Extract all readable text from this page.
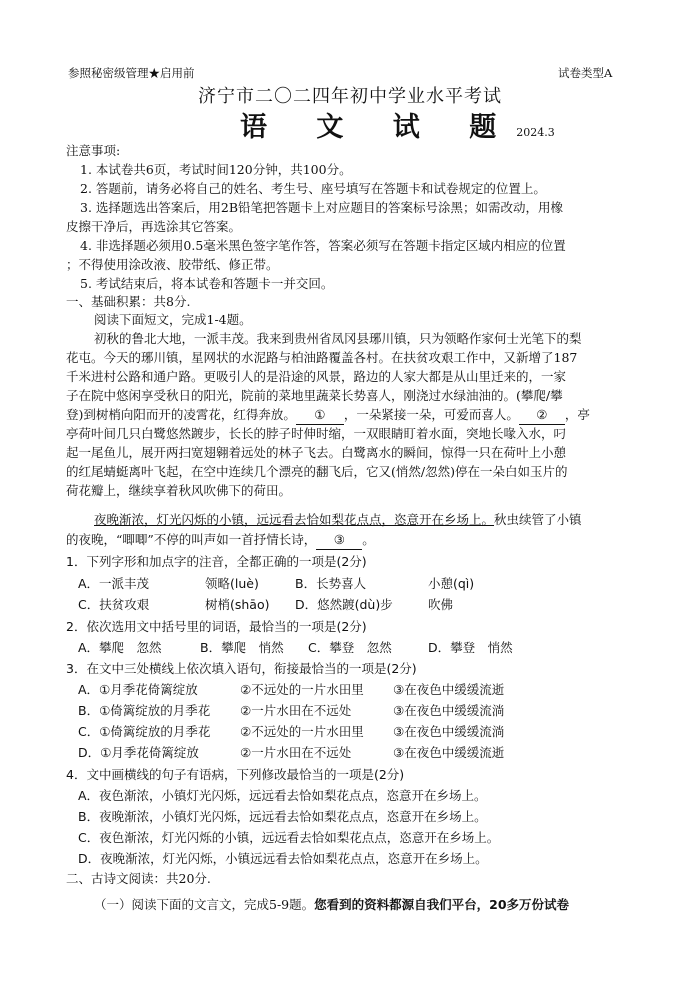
参照秘密级管理★启用前	试卷类型A
济宁市二〇二四年初中学业水平考试
语 文 试 题2024.3
注意事项:
1. 本试卷共6页，考试时间120分钟，共100分。
2. 答题前，请务必将自己的姓名、考生号、座号填写在答题卡和试卷规定的位置上。
3. 选择题选出答案后，用2B铅笔把答题卡上对应题目的答案标号涂黑；如需改动，用橡
皮擦干净后，再选涂其它答案。
4. 非选择题必须用0.5毫米黑色签字笔作答，答案必须写在答题卡指定区域内相应的位置
；不得使用涂改液、胶带纸、修正带。
5. 考试结束后，将本试卷和答题卡一并交回。
一、基础积累：共8分.
阅读下面短文，完成1-4题。
初秋的鲁北大地，一派丰茂。我来到贵州省凤冈县琊川镇，只为领略作家何士光笔下的梨
花屯。今天的琊川镇，星网状的水泥路与柏油路覆盖各村。在扶贫攻艰工作中，又新增了187
千米进村公路和通户路。更吸引人的是沿途的风景，路边的人家大都是从山里迁来的，一家
子在院中悠闲享受秋日的阳光，院前的菜地里蔬菜长势喜人，刚浇过水绿油油的。(攀爬/攀
登)到树梢向阳而开的凌霄花，红得奔放。 ① ，一朵紧接一朵，可爱而喜人。 ② ，亭
亭荷叶间几只白鹭悠然踱步，长长的脖子时伸时缩，一双眼睛盯着水面，突地长喙入水，叼
起一尾鱼儿，展开两扫宽翅翱着远处的林子飞去。白鹭离水的瞬间，惊得一只在荷叶上小憩
的红尾蜻蜓离叶飞起，在空中连续几个漂亮的翻飞后，它又(悄然/忽然)停在一朵白如玉片的
荷花瓣上，继续享着秋风吹佛下的荷田。
夜晚渐浓，灯光闪烁的小镇，远远看去恰如梨花点点，恣意开在乡场上。秋虫续管了小镇
的夜晚，“唧唧”不停的叫声如一首抒情长诗， ③ 。
1．下列字形和加点字的注音，全都正确的一项是(2分)
A．一派丰茂	领略(luè)	B．长势喜人	小憩(qì)
C．扶贫攻艰	树梢(shāo) D．悠然踱(dù)步	吹佛
2．依次选用文中括号里的词语，最恰当的一项是(2分)
A．攀爬　忽然	B．攀爬　悄然 C．攀登　忽然	D．攀登　悄然
3．在文中三处横线上依次填入语句，衔接最恰当的一项是(2分)
A．①月季花倚篱绽放	②不远处的一片水田里 ③在夜色中缓缓流逝
B．①倚篱绽放的月季花 ②一片水田在不远处	③在夜色中缓缓流淌
C．①倚篱绽放的月季花 ②不远处的一片水田里 ③在夜色中缓缓流淌
D．①月季花倚篱绽放	②一片水田在不远处	③在夜色中缓缓流逝
4．文中画横线的句子有语病，下列修改最恰当的一项是(2分)
A．夜色渐浓，小镇灯光闪烁，远远看去恰如梨花点点，恣意开在乡场上。
B．夜晚渐浓，小镇灯光闪烁，远远看去恰如梨花点点，恣意开在乡场上。
C．夜色渐浓，灯光闪烁的小镇，远远看去恰如梨花点点，恣意开在乡场上。
D．夜晚渐浓，灯光闪烁，小镇远远看去恰如梨花点点，恣意开在乡场上。
二、古诗文阅读：共20分.
（一）阅读下面的文言文，完成5-9题。您看到的资料都源自我们平台，20多万份试卷
